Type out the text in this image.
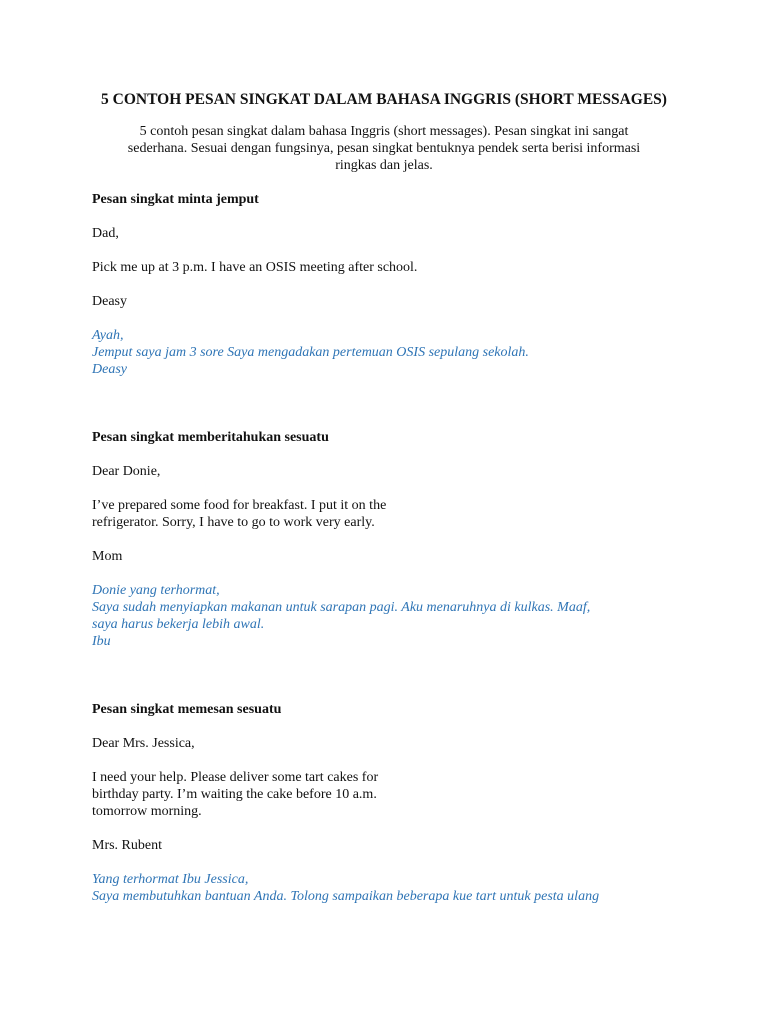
5 CONTOH PESAN SINGKAT DALAM BAHASA INGGRIS (SHORT MESSAGES)
5 contoh pesan singkat dalam bahasa Inggris (short messages). Pesan singkat ini sangat
sederhana. Sesuai dengan fungsinya, pesan singkat bentuknya pendek serta berisi informasi
ringkas dan jelas.
Pesan singkat minta jemput
Dad,
Pick me up at 3 p.m. I have an OSIS meeting after school.
Deasy
Ayah,
Jemput saya jam 3 sore Saya mengadakan pertemuan OSIS sepulang sekolah.
Deasy
Pesan singkat memberitahukan sesuatu
Dear Donie,
I’ve prepared some food for breakfast. I put it on the
refrigerator. Sorry, I have to go to work very early.
Mom
Donie yang terhormat,
Saya sudah menyiapkan makanan untuk sarapan pagi. Aku menaruhnya di kulkas. Maaf,
saya harus bekerja lebih awal.
Ibu
Pesan singkat memesan sesuatu
Dear Mrs. Jessica,
I need your help. Please deliver some tart cakes for
birthday party. I’m waiting the cake before 10 a.m.
tomorrow morning.
Mrs. Rubent
Yang terhormat Ibu Jessica,
Saya membutuhkan bantuan Anda. Tolong sampaikan beberapa kue tart untuk pesta ulang
